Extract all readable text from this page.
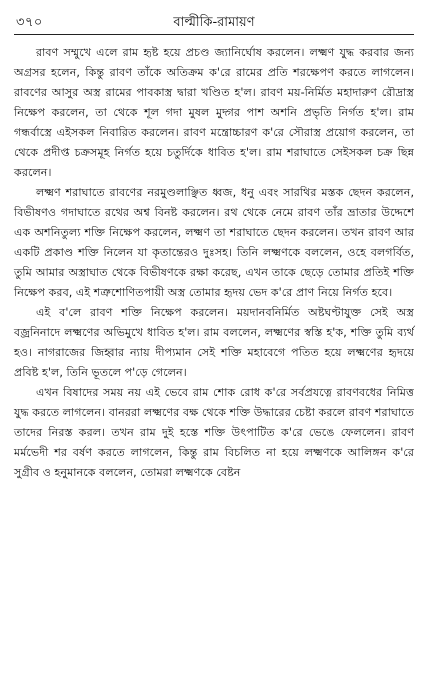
৩৭০	বাল্মীকি-রামায়ণ

রাবণ সম্মুখে এলে রাম হৃষ্ট হয়ে প্রচণ্ড জ্যানির্ঘোষ করলেন। লক্ষ্মণ যুদ্ধ করবার জন্য অগ্রসর হলেন, কিন্তু রাবণ তাঁকে অতিক্রম ক'রে রামের প্রতি শরক্ষেপণ করতে লাগলেন। রাবণের আসুর অস্ত্র রামের পাবকাস্ত্র দ্বারা খণ্ডিত হ'ল। রাবণ ময়-নির্মিত মহাদারুণ রৌদ্রাস্ত্র নিক্ষেপ করলেন, তা থেকে শূল গদা মুষল মুদ্গর পাশ অশনি প্রভৃতি নির্গত হ'ল। রাম গন্ধর্বাস্ত্রে এইসকল নিবারিত করলেন। রাবণ মন্ত্রোচ্চারণ ক'রে সৌরাস্ত্র প্রয়োগ করলেন, তা থেকে প্রদীপ্ত চক্রসমূহ নির্গত হয়ে চতুর্দিকে ধাবিত হ'ল। রাম শরাঘাতে সেইসকল চক্র ছিন্ন করলেন।

লক্ষ্মণ শরাঘাতে রাবণের নরমুণ্ডলাঞ্ছিত ধ্বজ, ধনু এবং সারথির মস্তক ছেদন করলেন, বিভীষণও গদাঘাতে রথের অশ্ব বিনষ্ট করলেন। রথ থেকে নেমে রাবণ তাঁর ভ্রাতার উদ্দেশে এক অশনিতুল্য শক্তি নিক্ষেপ করলেন, লক্ষ্মণ তা শরাঘাতে ছেদন করলেন। তখন রাবণ আর একটি প্রকাণ্ড শক্তি নিলেন যা কৃতান্তেরও দুঃসহ। তিনি লক্ষ্মণকে বললেন, ওহে বলগর্বিত, তুমি আমার অস্ত্রাঘাত থেকে বিভীষণকে রক্ষা করেছ, এখন তাকে ছেড়ে তোমার প্রতিই শক্তি নিক্ষেপ করব, এই শত্রুশোণিতপায়ী অস্ত্র তোমার হৃদয় ভেদ ক'রে প্রাণ নিয়ে নির্গত হবে।

এই ব'লে রাবণ শক্তি নিক্ষেপ করলেন। ময়দানবনির্মিত অষ্টঘণ্টাযুক্ত সেই অস্ত্র বজ্রনিনাদে লক্ষ্মণের অভিমুখে ধাবিত হ'ল। রাম বললেন, লক্ষ্মণের স্বস্তি হ'ক, শক্তি তুমি ব্যর্থ হও। নাগরাজের জিহ্বার ন্যায় দীপ্যমান সেই শক্তি মহাবেগে পতিত হয়ে লক্ষ্মণের হৃদয়ে প্রবিষ্ট হ'ল, তিনি ভূতলে প'ড়ে গেলেন।

এখন বিষাদের সময় নয় এই ভেবে রাম শোক রোধ ক'রে সর্বপ্রযত্নে রাবণবধের নিমিত্ত যুদ্ধ করতে লাগলেন। বানররা লক্ষ্মণের বক্ষ থেকে শক্তি উদ্ধারের চেষ্টা করলে রাবণ শরাঘাতে তাদের নিরস্ত করল। তখন রাম দুই হস্তে শক্তি উৎপাটিত ক'রে ভেঙে ফেললেন। রাবণ মর্মভেদী শর বর্ষণ করতে লাগলেন, কিন্তু রাম বিচলিত না হয়ে লক্ষ্মণকে আলিঙ্গন ক'রে সুগ্রীব ও হনুমানকে বললেন, তোমরা লক্ষ্মণকে বেষ্টন
